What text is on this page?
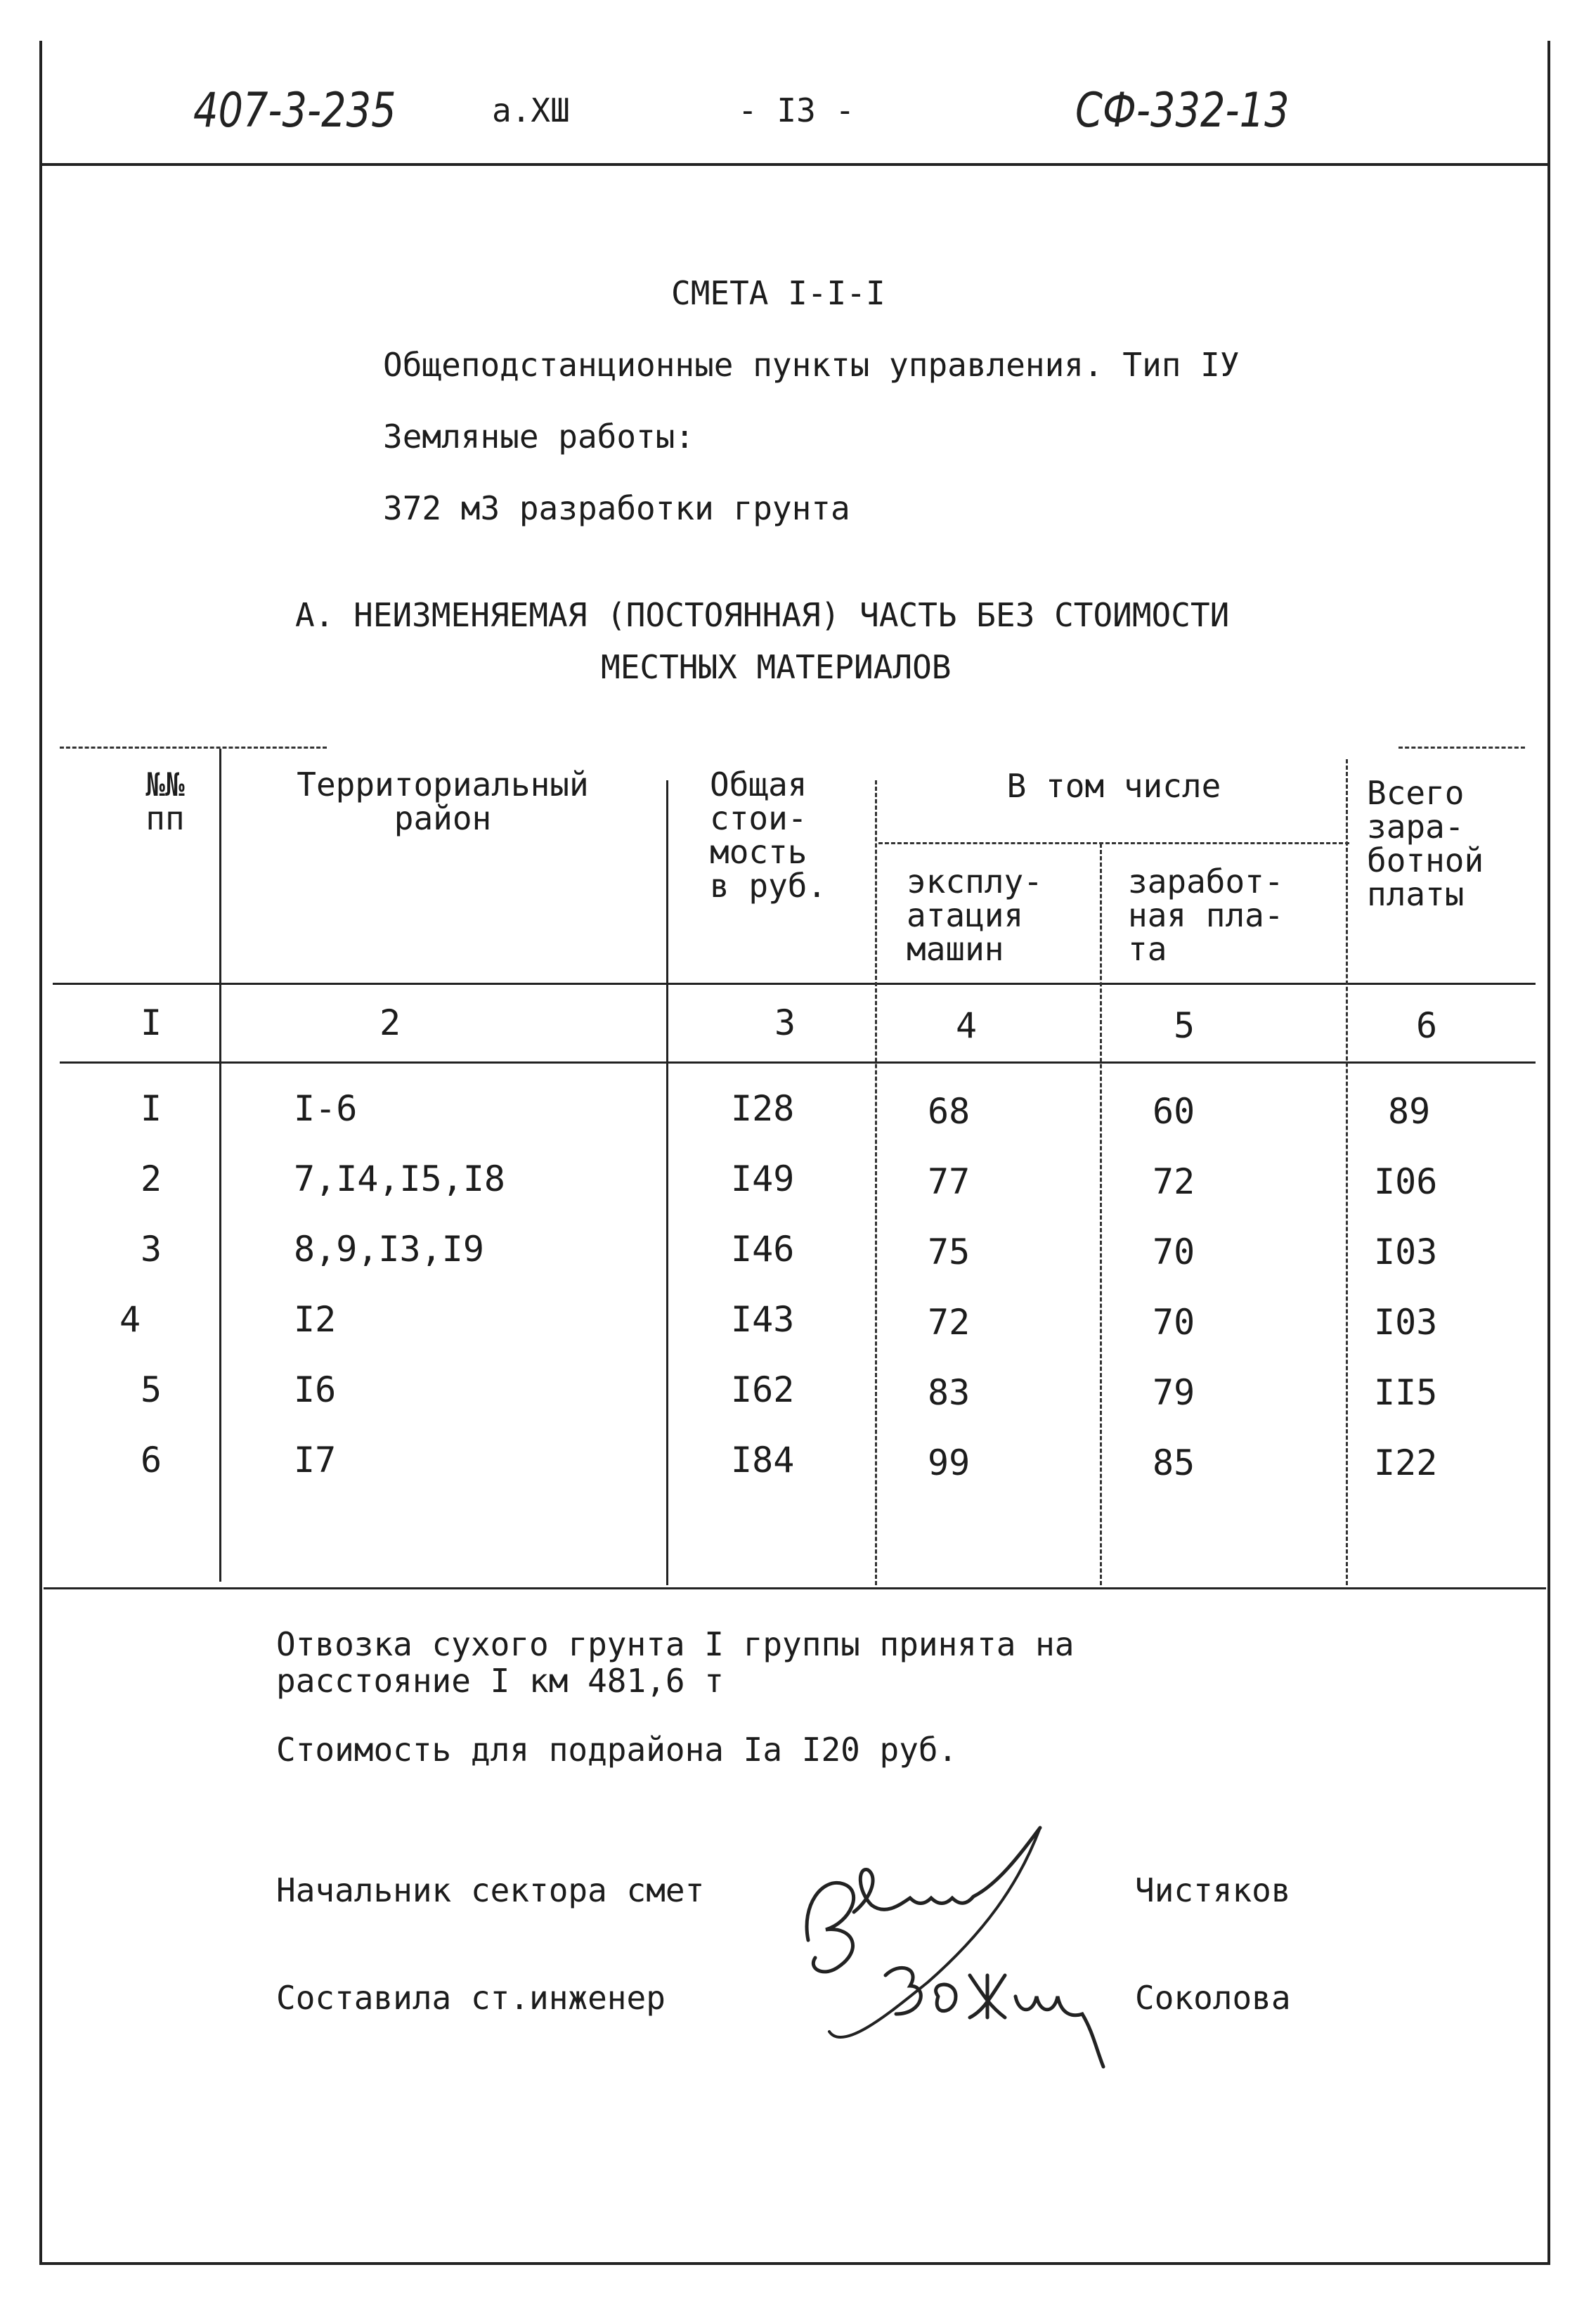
407-3-235	а.ХШ	- I3 -	СФ-332-13
СМЕТА I-I-I
Общеподстанционные пункты управления. Тип IУ
Земляные работы:
372 м3 разработки грунта
А. НЕИЗМЕНЯЕМАЯ (ПОСТОЯННАЯ) ЧАСТЬ БЕЗ СТОИМОСТИ
МЕСТНЫХ МАТЕРИАЛОВ
№№
пп
Территориальный
район
Общая
стои-
мость
в руб.
В том числе
эксплу-
атация
машин
заработ-
ная пла-
та
Всего
зара-
ботной
платы
I	2	3	4	5	6
I	I-6	I28	68	60	89
2	7,I4,I5,I8	I49	77	72	I06
3	8,9,I3,I9	I46	75	70	I03
4	I2	I43	72	70	I03
5	I6	I62	83	79	II5
6	I7	I84	99	85	I22
Отвозка сухого грунта I группы принята на
расстояние I км 481,6 т
Стоимость для подрайона Iа I20 руб.
Начальник сектора смет	Чистяков
Составила ст.инженер	Соколова
